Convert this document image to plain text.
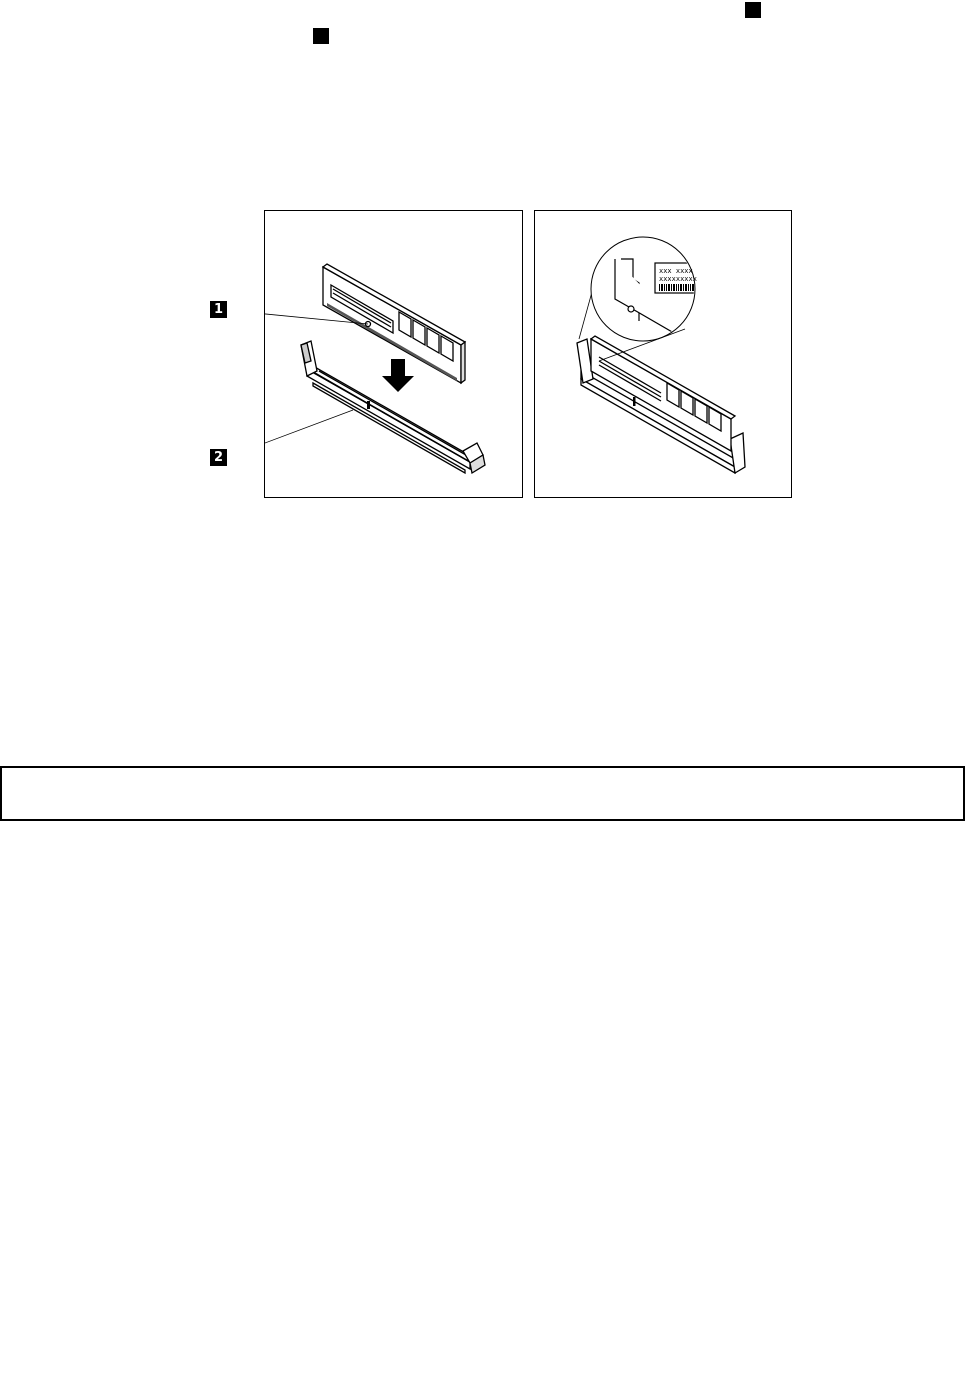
1
2
xxx xxxx
xxxxxxxxx
